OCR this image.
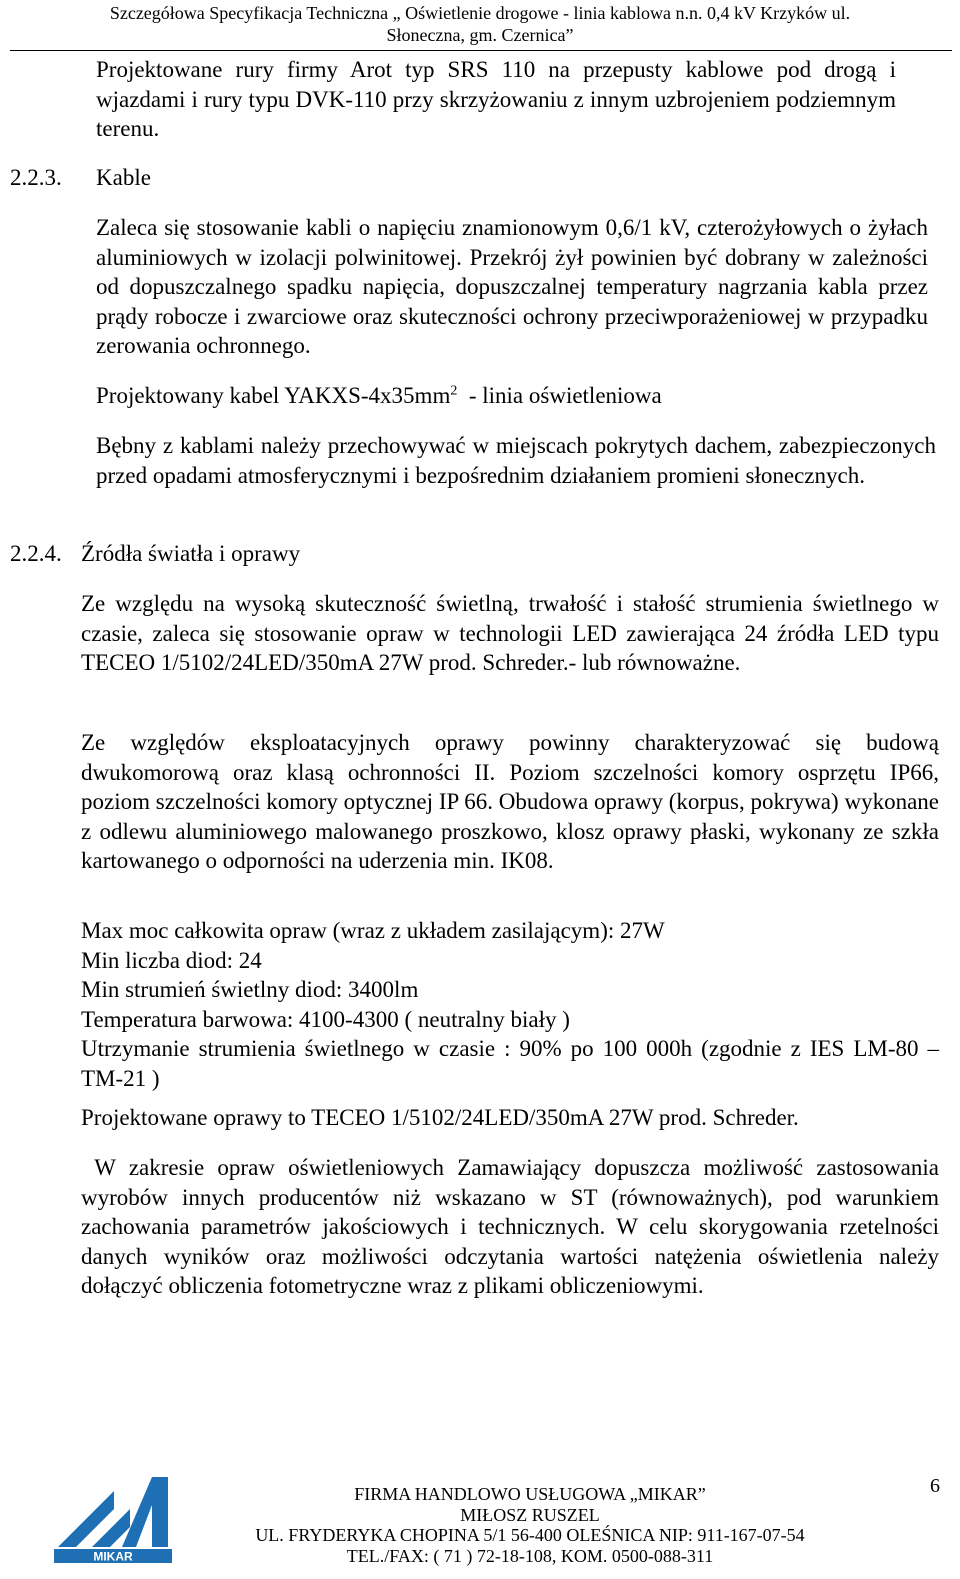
Szczegółowa Specyfikacja Techniczna „ Oświetlenie drogowe - linia kablowa n.n. 0,4 kV Krzyków ul.
Słoneczna, gm. Czernica”

Projektowane rury firmy Arot typ SRS 110 na przepusty kablowe pod drogą i wjazdami i rury typu DVK-110 przy skrzyżowaniu z innym uzbrojeniem podziemnym terenu.

2.2.3. Kable

Zaleca się stosowanie kabli o napięciu znamionowym 0,6/1 kV, czterożyłowych o żyłach aluminiowych w izolacji polwinitowej. Przekrój żył powinien być dobrany w zależności od dopuszczalnego spadku napięcia, dopuszczalnej temperatury nagrzania kabla przez prądy robocze i zwarciowe oraz skuteczności ochrony przeciwporażeniowej w przypadku zerowania ochronnego.

Projektowany kabel YAKXS-$4x35mm^2$  - linia oświetleniowa

Bębny z kablami należy przechowywać w miejscach pokrytych dachem, zabezpieczonych przed opadami atmosferycznymi i bezpośrednim działaniem promieni słonecznych.

2.2.4. Źródła światła i oprawy

Ze względu na wysoką skuteczność świetlną, trwałość i stałość strumienia świetlnego w czasie, zaleca się stosowanie opraw w technologii LED zawierająca 24 źródła LED typu TECEO 1/5102/24LED/350mA 27W prod. Schreder.- lub równoważne.

Ze względów eksploatacyjnych oprawy powinny charakteryzować się budową dwukomorową oraz klasą ochronności II. Poziom szczelności komory osprzętu IP66, poziom szczelności komory optycznej IP 66. Obudowa oprawy (korpus, pokrywa) wykonane z odlewu aluminiowego malowanego proszkowo, klosz oprawy płaski, wykonany ze szkła kartowanego o odporności na uderzenia min. IK08.

Max moc całkowita opraw (wraz z układem zasilającym): 27W
Min liczba diod: 24
Min strumień świetlny diod: 3400lm
Temperatura barwowa: 4100-4300 ( neutralny biały )

Utrzymanie strumienia świetlnego w czasie : 90% po 100 000h (zgodnie z IES LM-80 – TM-21 )

Projektowane oprawy to TECEO 1/5102/24LED/350mA 27W prod. Schreder.

W zakresie opraw oświetleniowych Zamawiający dopuszcza możliwość zastosowania wyrobów innych producentów niż wskazano w ST (równoważnych), pod warunkiem zachowania parametrów jakościowych i technicznych. W celu skorygowania rzetelności danych wyników oraz możliwości odczytania wartości natężenia oświetlenia należy dołączyć obliczenia fotometryczne wraz z plikami obliczeniowymi.

MIKAR
FIRMA HANDLOWO USŁUGOWA „MIKAR”
MIŁOSZ RUSZEL
UL. FRYDERYKA CHOPINA 5/1 56-400 OLEŚNICA NIP: 911-167-07-54
TEL./FAX: ( 71 ) 72-18-108, KOM. 0500-088-311
6
